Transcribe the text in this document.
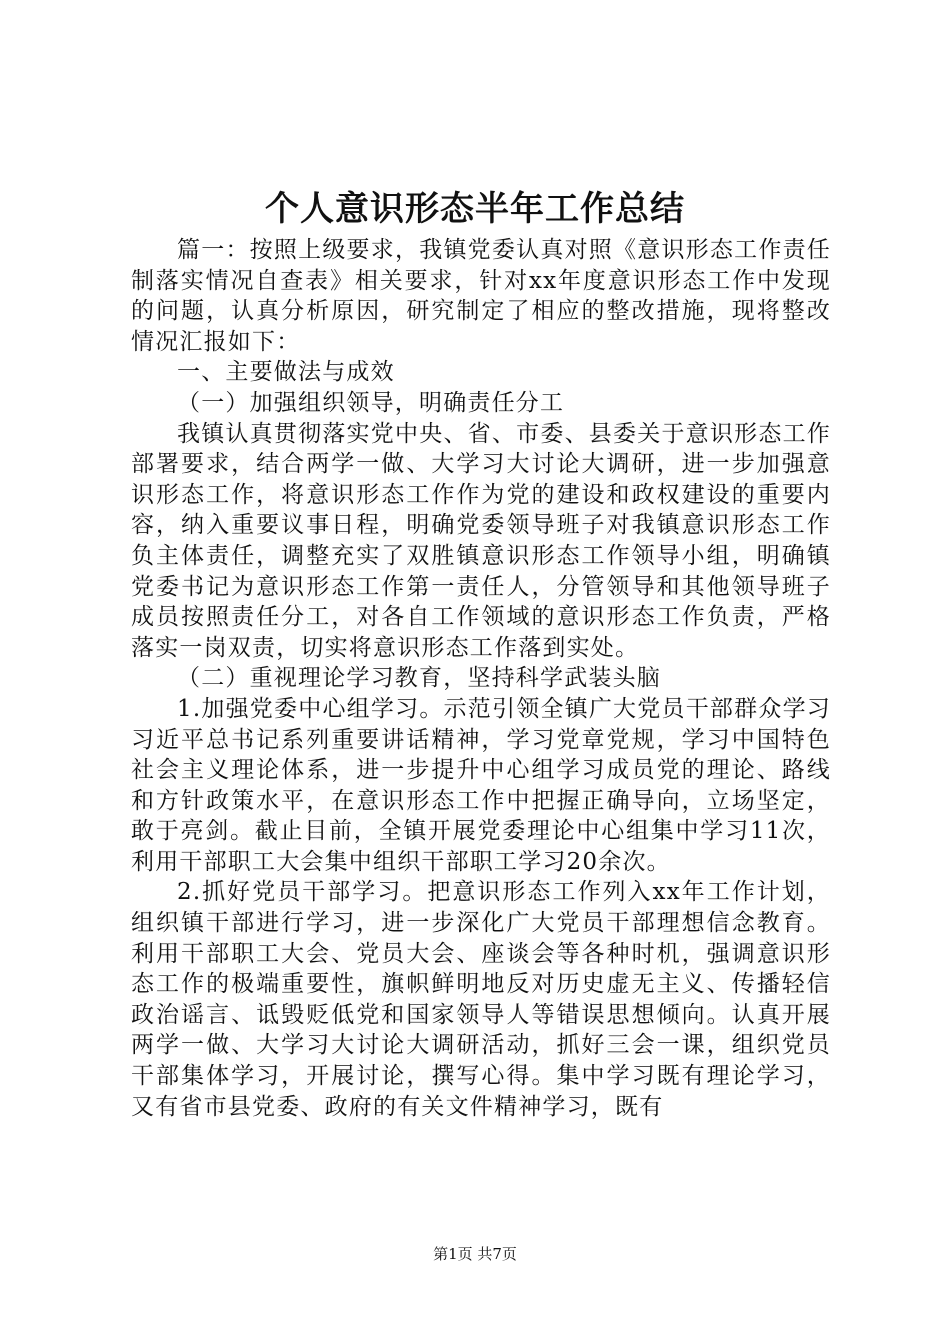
个人意识形态半年工作总结

篇一：按照上级要求，我镇党委认真对照《意识形态工作责任制落实情况自查表》相关要求，针对xx年度意识形态工作中发现的问题，认真分析原因，研究制定了相应的整改措施，现将整改情况汇报如下：

一、主要做法与成效

（一）加强组织领导，明确责任分工

我镇认真贯彻落实党中央、省、市委、县委关于意识形态工作部署要求，结合两学一做、大学习大讨论大调研，进一步加强意识形态工作，将意识形态工作作为党的建设和政权建设的重要内容，纳入重要议事日程，明确党委领导班子对我镇意识形态工作负主体责任，调整充实了双胜镇意识形态工作领导小组，明确镇党委书记为意识形态工作第一责任人，分管领导和其他领导班子成员按照责任分工，对各自工作领域的意识形态工作负责，严格落实一岗双责，切实将意识形态工作落到实处。

（二）重视理论学习教育，坚持科学武装头脑

1.加强党委中心组学习。示范引领全镇广大党员干部群众学习习近平总书记系列重要讲话精神，学习党章党规，学习中国特色社会主义理论体系，进一步提升中心组学习成员党的理论、路线和方针政策水平，在意识形态工作中把握正确导向，立场坚定，敢于亮剑。截止目前，全镇开展党委理论中心组集中学习11次，利用干部职工大会集中组织干部职工学习20余次。

2.抓好党员干部学习。把意识形态工作列入xx年工作计划，组织镇干部进行学习，进一步深化广大党员干部理想信念教育。利用干部职工大会、党员大会、座谈会等各种时机，强调意识形态工作的极端重要性，旗帜鲜明地反对历史虚无主义、传播轻信政治谣言、诋毁贬低党和国家领导人等错误思想倾向。认真开展两学一做、大学习大讨论大调研活动，抓好三会一课，组织党员干部集体学习，开展讨论，撰写心得。集中学习既有理论学习，又有省市县党委、政府的有关文件精神学习，既有

第1页 共7页
